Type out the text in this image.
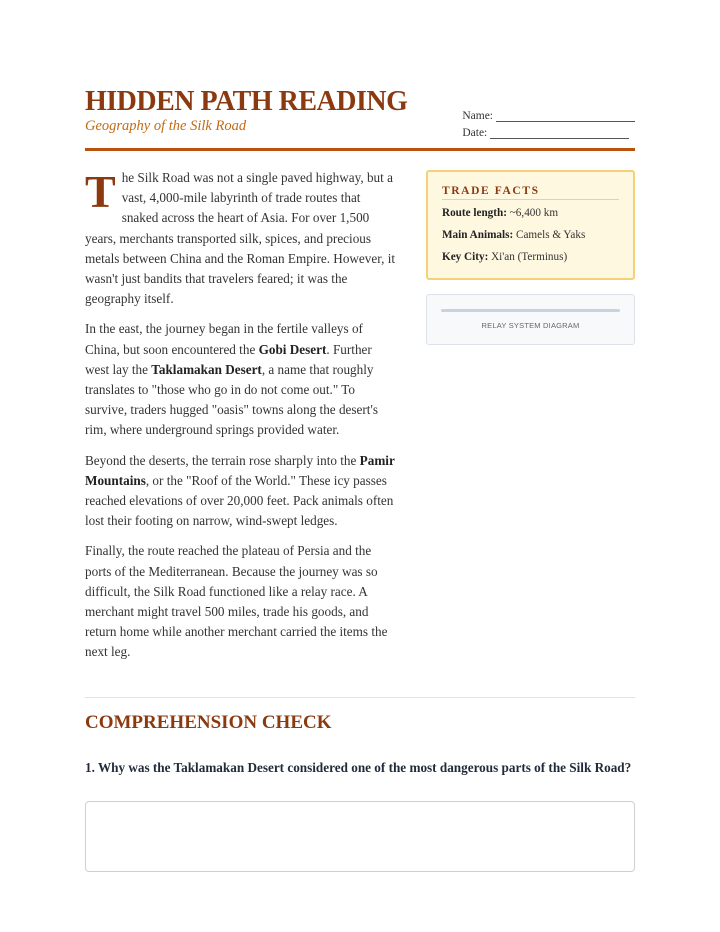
HIDDEN PATH READING
Geography of the Silk Road
Name:
Date:

The Silk Road was not a single paved highway, but a vast, 4,000-mile labyrinth of trade routes that snaked across the heart of Asia. For over 1,500 years, merchants transported silk, spices, and precious metals between China and the Roman Empire. However, it wasn't just bandits that travelers feared; it was the geography itself.

In the east, the journey began in the fertile valleys of China, but soon encountered the Gobi Desert. Further west lay the Taklamakan Desert, a name that roughly translates to "those who go in do not come out." To survive, traders hugged "oasis" towns along the desert's rim, where underground springs provided water.

Beyond the deserts, the terrain rose sharply into the Pamir Mountains, or the "Roof of the World." These icy passes reached elevations of over 20,000 feet. Pack animals often lost their footing on narrow, wind-swept ledges.

Finally, the route reached the plateau of Persia and the ports of the Mediterranean. Because the journey was so difficult, the Silk Road functioned like a relay race. A merchant might travel 500 miles, trade his goods, and return home while another merchant carried the items the next leg.

TRADE FACTS
Route length: ~6,400 km
Main Animals: Camels & Yaks
Key City: Xi'an (Terminus)
RELAY SYSTEM DIAGRAM
COMPREHENSION CHECK
1. Why was the Taklamakan Desert considered one of the most dangerous parts of the Silk Road?
